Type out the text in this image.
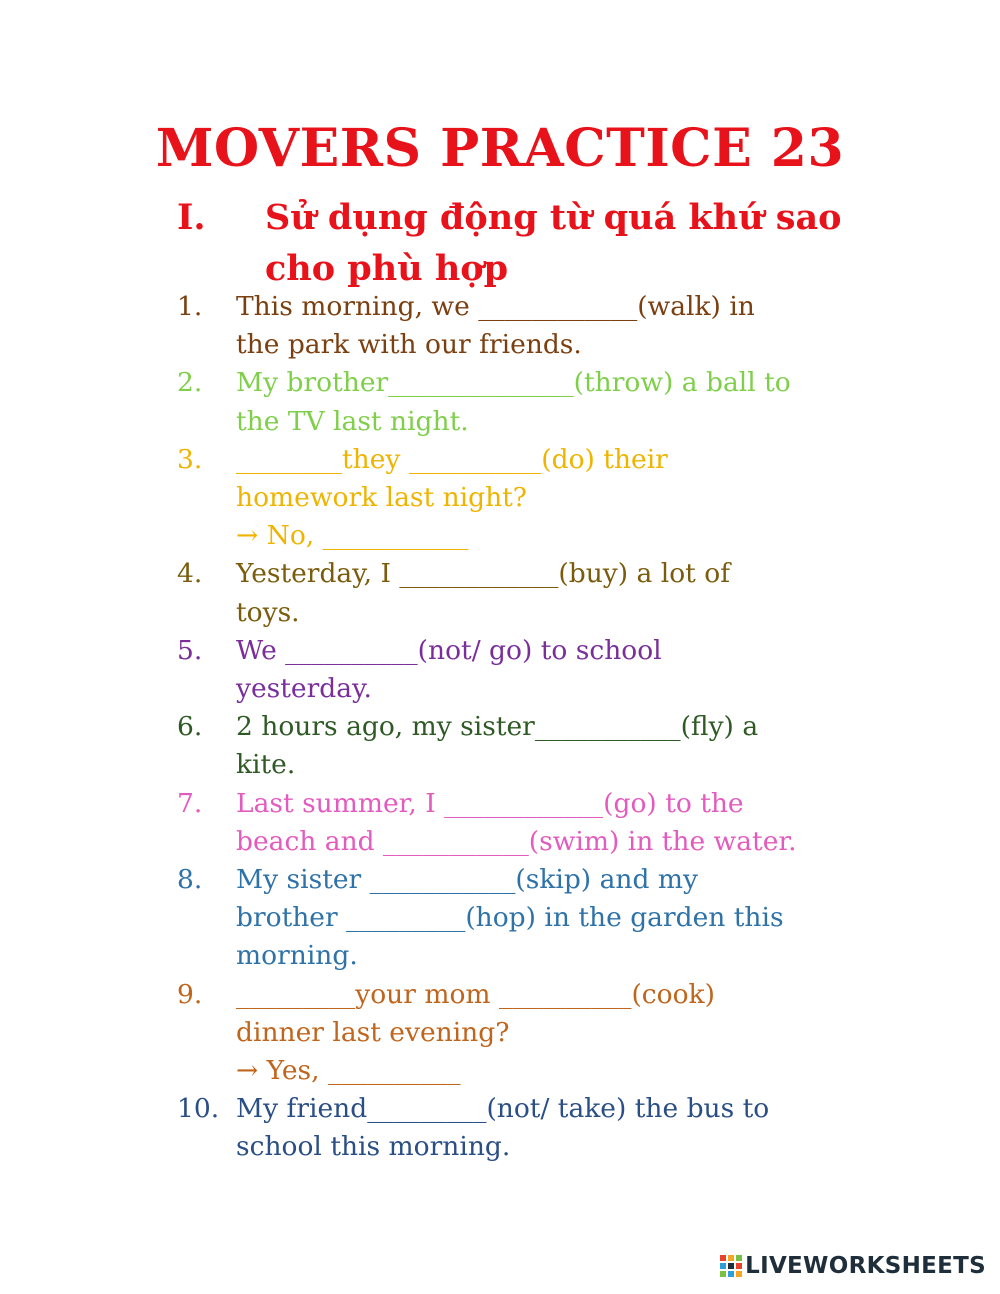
MOVERS PRACTICE 23
I. Sử dụng động từ quá khứ sao
cho phù hợp
1. This morning, we ____________(walk) in
the park with our friends.
2. My brother______________(throw) a ball to
the TV last night.
3. ________they __________(do) their
homework last night?
→ No, ___________
4. Yesterday, I ____________(buy) a lot of
toys.
5. We __________(not/ go) to school
yesterday.
6. 2 hours ago, my sister___________(fly) a
kite.
7. Last summer, I ____________(go) to the
beach and ___________(swim) in the water.
8. My sister ___________(skip) and my
brother _________(hop) in the garden this
morning.
9. _________your mom __________(cook)
dinner last evening?
→ Yes, __________
10. My friend_________(not/ take) the bus to
school this morning.
LIVEWORKSHEETS
